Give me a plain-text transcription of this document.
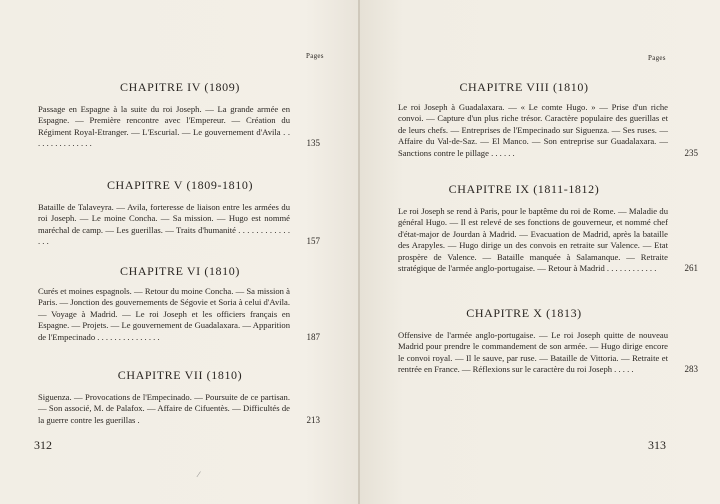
Pages
CHAPITRE IV (1809)
Passage en Espagne à la suite du roi Joseph. — La grande armée en Espagne. — Première rencontre avec l'Empereur. — Création du Régiment Royal-Etranger. — L'Escurial. — Le gouvernement d'Avila . . . . . . . . . . . . . . .	135
CHAPITRE V (1809-1810)
Bataille de Talaveyra. — Avila, forteresse de liaison entre les armées du roi Joseph. — Le moine Concha. — Sa mission. — Hugo est nommé maréchal de camp. — Les guerillas. — Traits d'humanité . . . . . . . . . . . . . . .	157
CHAPITRE VI (1810)
Curés et moines espagnols. — Retour du moine Concha. — Sa mission à Paris. — Jonction des gouvernements de Ségovie et Soria à celui d'Avila. — Voyage à Madrid. — Le roi Joseph et les officiers français en Espagne. — Projets. — Le gouvernement de Guadalaxara. — Apparition de l'Empecinado . . . . . . . . . . . . . . .	187
CHAPITRE VII (1810)
Siguenza. — Provocations de l'Empecinado. — Poursuite de ce partisan. — Son associé, M. de Palafox. — Affaire de Cifuentès. — Difficultés de la guerre contre les guerillas .	213
312
⁄
Pages
CHAPITRE VIII (1810)
Le roi Joseph à Guadalaxara. — « Le comte Hugo. » — Prise d'un riche convoi. — Capture d'un plus riche trésor. Caractère populaire des guerillas et de leurs chefs. — Entreprises de l'Empecinado sur Siguenza. — Ses ruses. — Affaire du Val-de-Saz. — El Manco. — Son entreprise sur Guadalaxara. — Sanctions contre le pillage . . . . . .	235
CHAPITRE IX (1811-1812)
Le roi Joseph se rend à Paris, pour le baptême du roi de Rome. — Maladie du général Hugo. — Il est relevé de ses fonctions de gouverneur, et nommé chef d'état-major de Jourdan à Madrid. — Evacuation de Madrid, après la bataille des Arapyles. — Hugo dirige un des convois en retraite sur Valence. — Etat prospère de Valence. — Bataille manquée à Salamanque. — Retraite stratégique de l'armée anglo-portugaise. — Retour à Madrid . . . . . . . . . . . .	261
CHAPITRE X (1813)
Offensive de l'armée anglo-portugaise. — Le roi Joseph quitte de nouveau Madrid pour prendre le commandement de son armée. — Hugo dirige encore le convoi royal. — Il le sauve, par ruse. — Bataille de Vittoria. — Retraite et rentrée en France. — Réflexions sur le caractère du roi Joseph . . . . .	283
313
